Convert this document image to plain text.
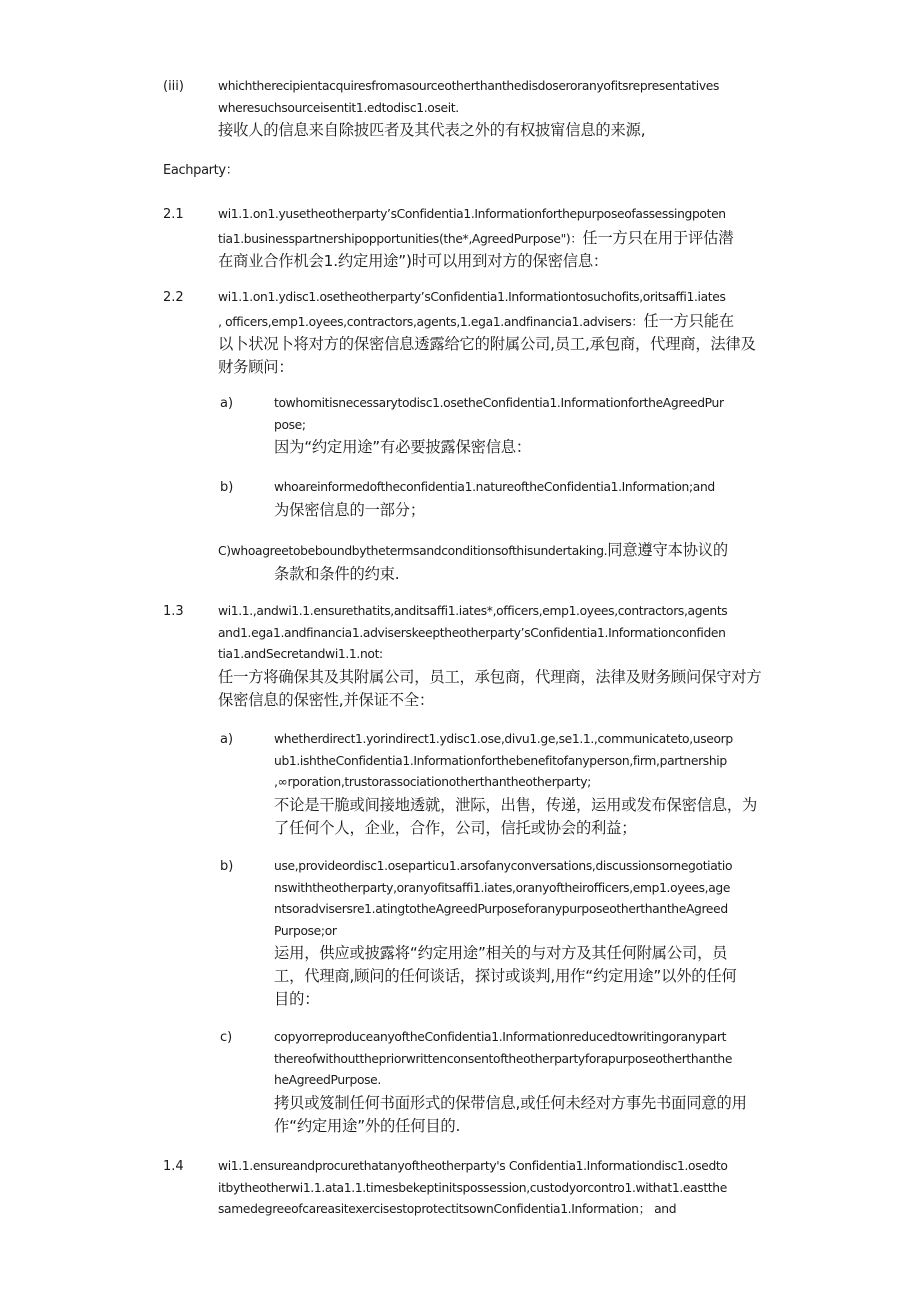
(iii)	whichtherecipientacquiresfromasourceotherthanthedisdoseroranyofitsrepresentatives
wheresuchsourceisentit1.edtodisc1.oseit.
接收人的信息来自除披匹者及其代表之外的有权披甯信息的来源,
Eachparty：
2.1	wi1.1.on1.yusetheotherparty’sConfidentia1.Informationforthepurposeofassessingpoten
tia1.businesspartnershipopportunities(the*‚AgreedPurpose")：任一方只在用于评估潜
在商业合作机会1.约定用途”)时可以用到对方的保密信息：
2.2	wi1.1.on1.ydisc1.osetheotherparty’sConfidentia1.Informationtosuchofits,oritsaffi1.iates
‚ officers,emp1.oyees,contractors,agents,1.ega1.andfinancia1.advisers：任一方只能在
以卜状况卜将对方的保密信息透露给它的附属公司,员工,承包商，代理商，法律及
财务顾问：
a)	towhomitisnecessarytodisc1.osetheConfidentia1.InformationfortheAgreedPur
pose;
因为“约定用途”有必要披露保密信息：
b)	whoareinformedoftheconfidentia1.natureoftheConfidentia1.Information;and
为保密信息的一部分；
C)whoagreetobeboundbythetermsandconditionsofthisundertaking.同意遵守本协议的
条款和条件的约束.
1.3	wi1.1.,andwi1.1.ensurethatits,anditsaffi1.iates*,officers,emp1.oyees,contractors,agents
and1.ega1.andfinancia1.adviserskeeptheotherparty’sConfidentia1.Informationconfiden
tia1.andSecretandwi1.1.not:
任一方将确保其及其附属公司，员工，承包商，代理商，法律及财务顾问保守对方
保密信息的保密性,并保证不全：
a)	whetherdirect1.yorindirect1.ydisc1.ose‚divu1.ge‚se1.1.,communicateto,useorp
ub1.ishtheConfidentia1.Informationforthebenefitofanyperson,firm,partnership
‚∞rporation‚trustorassociationotherthantheotherparty;
不论是干脆或间接地透就，泄际，出售，传递，运用或发布保密信息，为
了任何个人，企业，合作，公司，信托或协会的利益；
b)	use,provideordisc1.oseparticu1.arsofanyconversations,discussionsornegotiatio
nswiththeotherparty,oranyofitsaffi1.iates,oranyoftheirofficers,emp1.oyees,age
ntsoradvisersre1.atingtotheAgreedPurposeforanypurposeotherthantheAgreed
Purpose;or
运用，供应或披露将“约定用途”相关的与对方及其任何附属公司，员
工，代理商,顾问的任何谈话，探讨或谈判,用作“约定用途”以外的任何
目的：
c)	copyorreproduceanyoftheConfidentia1.Informationreducedtowritingoranypart
thereofwithoutthepriorwrittenconsentoftheotherpartyforapurposeotherthanthe
heAgreedPurpose.
拷贝或笈制任何书面形式的保带信息,或任何未经对方事先书面同意的用
作“约定用途”外的任何目的.
1.4	wi1.1.ensureandprocurethatanyoftheotherparty's Confidentia1.Informationdisc1.osedto
itbytheotherwi1.1.ata1.1.timesbekeptinitspossession,custodyorcontro1.withat1.eastthe
samedegreeofcareasitexercisestoprotectitsownConfidentia1.Information； and
